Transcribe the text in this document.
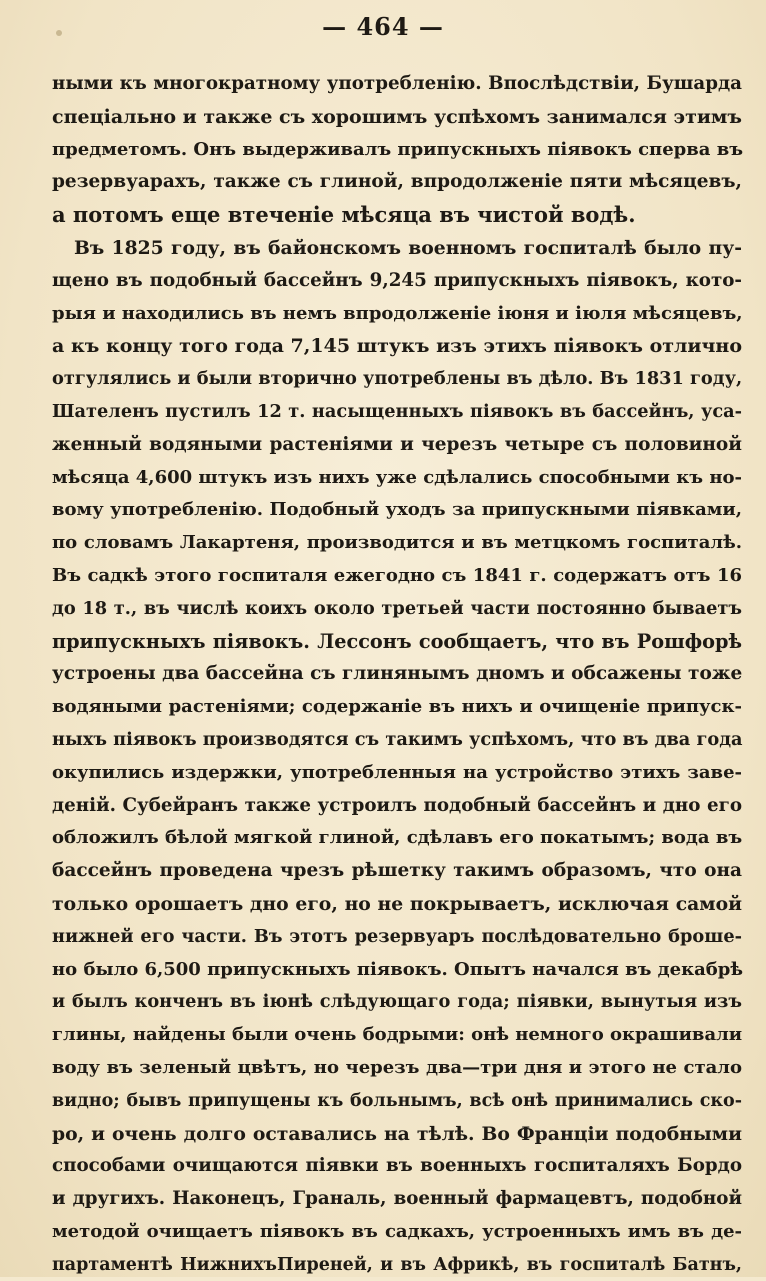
— 464 —
ными къ многократному употребленію. Впослѣдствіи, Бушарда
спеціально и также съ хорошимъ успѣхомъ занимался этимъ
предметомъ. Онъ выдерживалъ припускныхъ піявокъ сперва въ
резервуарахъ, также съ глиной, впродолженіе пяти мѣсяцевъ,
а потомъ еще втеченіе мѣсяца въ чистой водѣ.
Въ 1825 году, въ байонскомъ военномъ госпиталѣ было пу-
щено въ подобный бассейнъ 9,245 припускныхъ піявокъ, кото-
рыя и находились въ немъ впродолженіе іюня и іюля мѣсяцевъ,
а къ концу того года 7,145 штукъ изъ этихъ піявокъ отлично
отгулялись и были вторично употреблены въ дѣло. Въ 1831 году,
Шателенъ пустилъ 12 т. насыщенныхъ піявокъ въ бассейнъ, уса-
женный водяными растеніями и черезъ четыре съ половиной
мѣсяца 4,600 штукъ изъ нихъ уже сдѣлались способными къ но-
вому употребленію. Подобный уходъ за припускными піявками,
по словамъ Лакартеня, производится и въ метцкомъ госпиталѣ.
Въ садкѣ этого госпиталя ежегодно съ 1841 г. содержатъ отъ 16
до 18 т., въ числѣ коихъ около третьей части постоянно бываетъ
припускныхъ піявокъ. Лессонъ сообщаетъ, что въ Рошфорѣ
устроены два бассейна съ глинянымъ дномъ и обсажены тоже
водяными растеніями; содержаніе въ нихъ и очищеніе припуск-
ныхъ піявокъ производятся съ такимъ успѣхомъ, что въ два года
окупились издержки, употребленныя на устройство этихъ заве-
деній. Субейранъ также устроилъ подобный бассейнъ и дно его
обложилъ бѣлой мягкой глиной, сдѣлавъ его покатымъ; вода въ
бассейнъ проведена чрезъ рѣшетку такимъ образомъ, что она
только орошаетъ дно его, но не покрываетъ, исключая самой
нижней его части. Въ этотъ резервуаръ послѣдовательно броше-
но было 6,500 припускныхъ піявокъ. Опытъ начался въ декабрѣ
и былъ конченъ въ іюнѣ слѣдующаго года; піявки, вынутыя изъ
глины, найдены были очень бодрыми: онѣ немного окрашивали
воду въ зеленый цвѣтъ, но черезъ два—три дня и этого не стало
видно; бывъ припущены къ больнымъ, всѣ онѣ принимались ско-
ро, и очень долго оставались на тѣлѣ. Во Франціи подобными
способами очищаются піявки въ военныхъ госпиталяхъ Бордо
и другихъ. Наконецъ, Граналь, военный фармацевтъ, подобной
методой очищаетъ піявокъ въ садкахъ, устроенныхъ имъ въ де-
партаментѣ НижнихъПиреней, и въ Африкѣ, въ госпиталѣ Батнъ,
